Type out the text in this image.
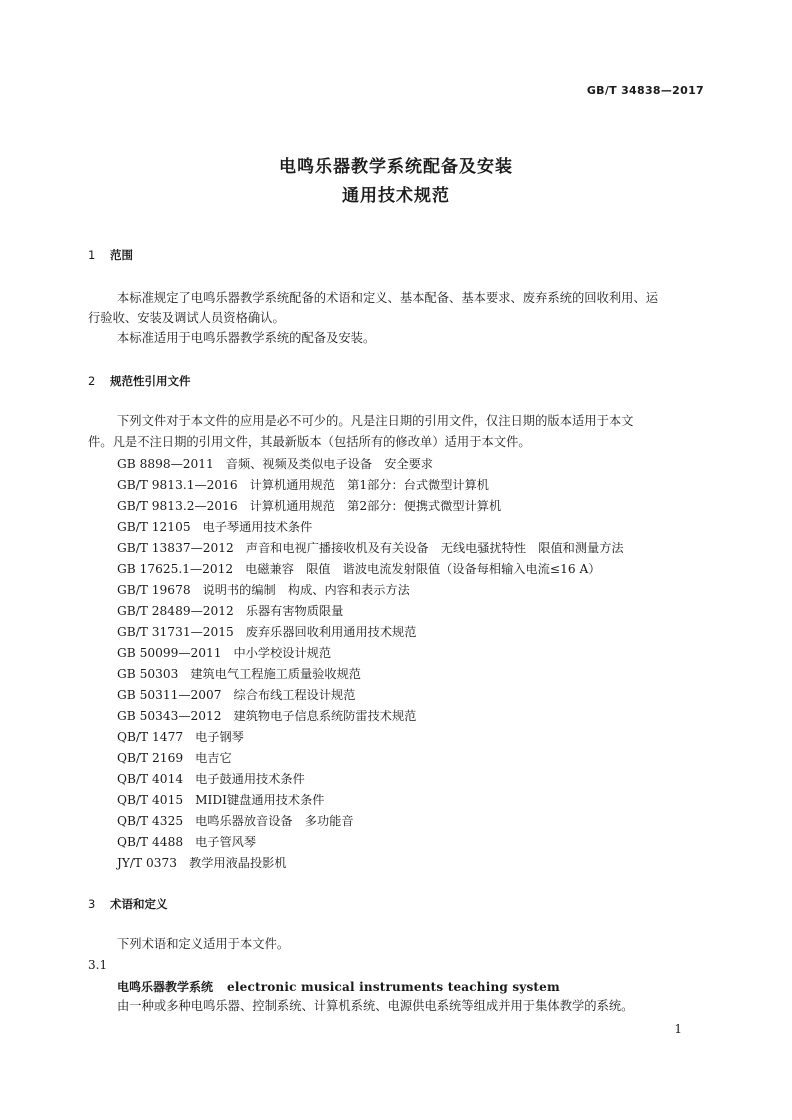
GB/T 34838—2017
电鸣乐器教学系统配备及安装
通用技术规范
1 范围
本标准规定了电鸣乐器教学系统配备的术语和定义、基本配备、基本要求、废弃系统的回收利用、运
行验收、安装及调试人员资格确认。
本标准适用于电鸣乐器教学系统的配备及安装。
2 规范性引用文件
下列文件对于本文件的应用是必不可少的。凡是注日期的引用文件，仅注日期的版本适用于本文
件。凡是不注日期的引用文件，其最新版本（包括所有的修改单）适用于本文件。
GB 8898—2011 音频、视频及类似电子设备　安全要求
GB/T 9813.1—2016 计算机通用规范　第1部分：台式微型计算机
GB/T 9813.2—2016 计算机通用规范　第2部分：便携式微型计算机
GB/T 12105 电子琴通用技术条件
GB/T 13837—2012 声音和电视广播接收机及有关设备　无线电骚扰特性　限值和测量方法
GB 17625.1—2012 电磁兼容　限值　谐波电流发射限值（设备每相输入电流≤16 A）
GB/T 19678 说明书的编制　构成、内容和表示方法
GB/T 28489—2012 乐器有害物质限量
GB/T 31731—2015 废弃乐器回收利用通用技术规范
GB 50099—2011 中小学校设计规范
GB 50303 建筑电气工程施工质量验收规范
GB 50311—2007 综合布线工程设计规范
GB 50343—2012 建筑物电子信息系统防雷技术规范
QB/T 1477 电子钢琴
QB/T 2169 电吉它
QB/T 4014 电子鼓通用技术条件
QB/T 4015 MIDI键盘通用技术条件
QB/T 4325 电鸣乐器放音设备　多功能音
QB/T 4488 电子管风琴
JY/T 0373 教学用液晶投影机
3 术语和定义
下列术语和定义适用于本文件。
3.1
电鸣乐器教学系统 electronic musical instruments teaching system
由一种或多种电鸣乐器、控制系统、计算机系统、电源供电系统等组成并用于集体教学的系统。
1
